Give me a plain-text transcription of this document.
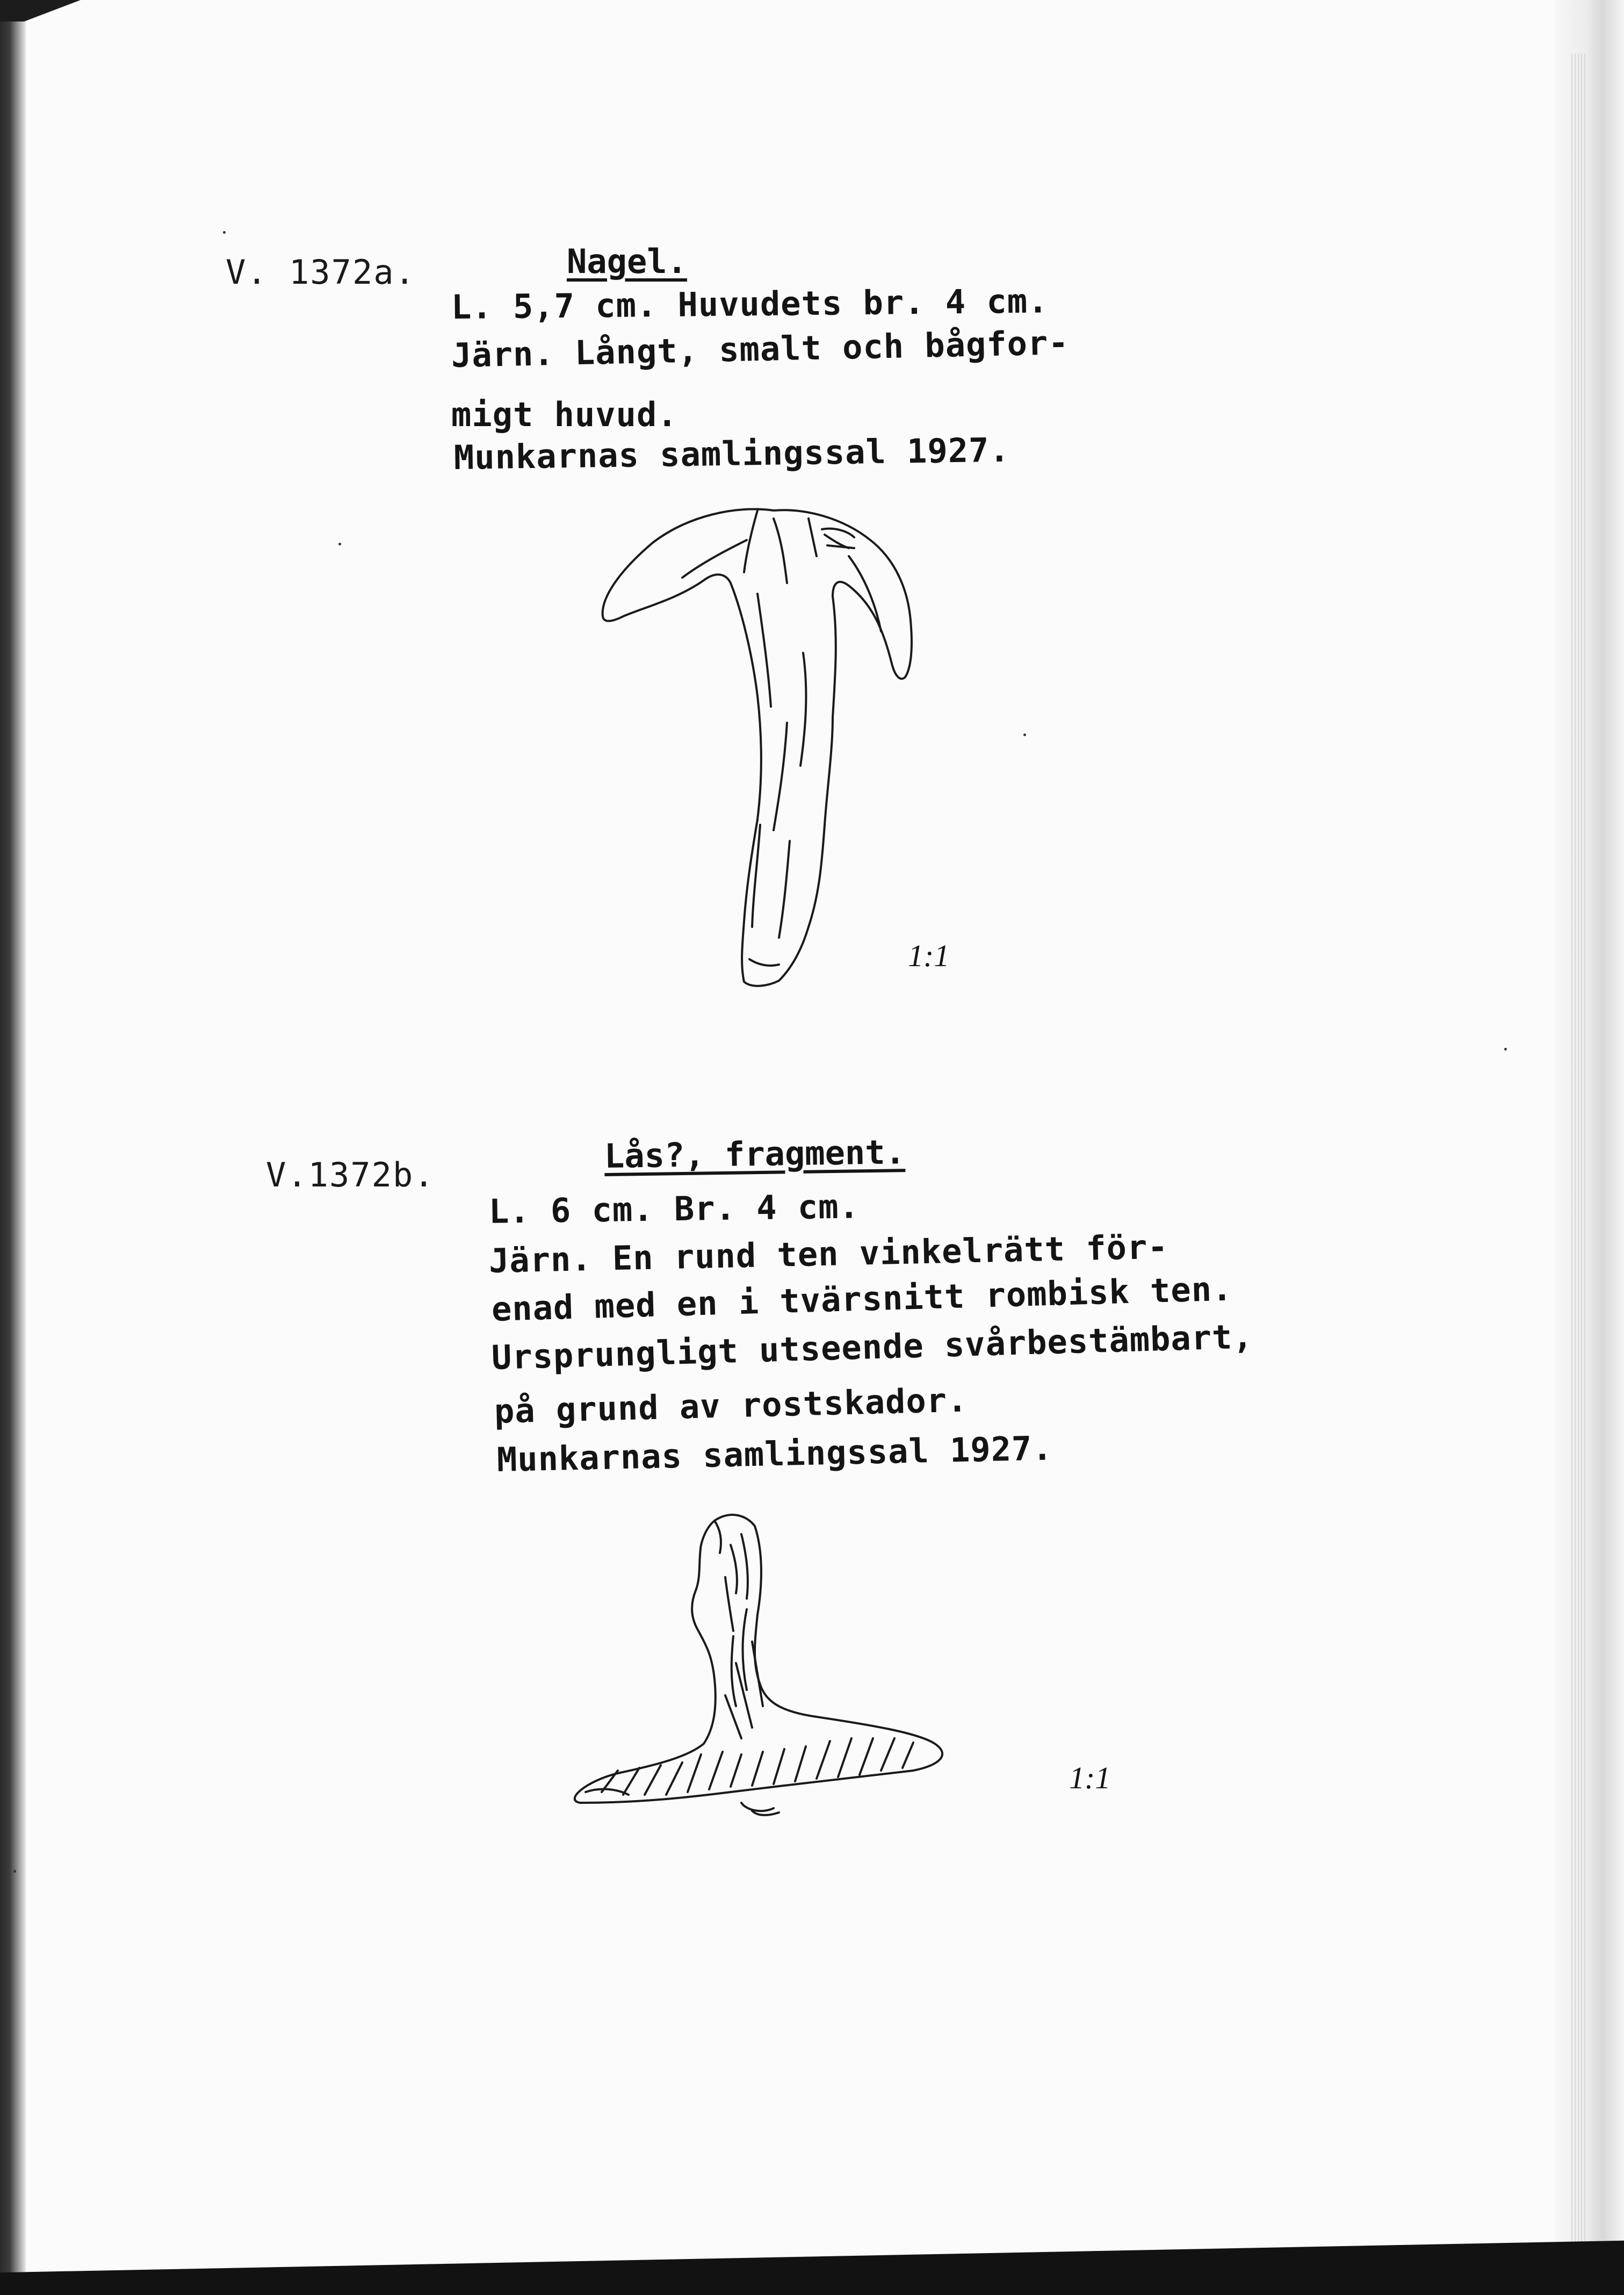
V. 1372a.	Nagel.
L. 5,7 cm. Huvudets br. 4 cm.
Järn. Långt, smalt och bågfor-
migt huvud.
Munkarnas samlingssal 1927.
1:1
V.1372b.	Lås?, fragment.
L. 6 cm. Br. 4 cm.
Järn. En rund ten vinkelrätt för-
enad med en i tvärsnitt rombisk ten.
Ursprungligt utseende svårbestämbart,
på grund av rostskador.
Munkarnas samlingssal 1927.
1:1
